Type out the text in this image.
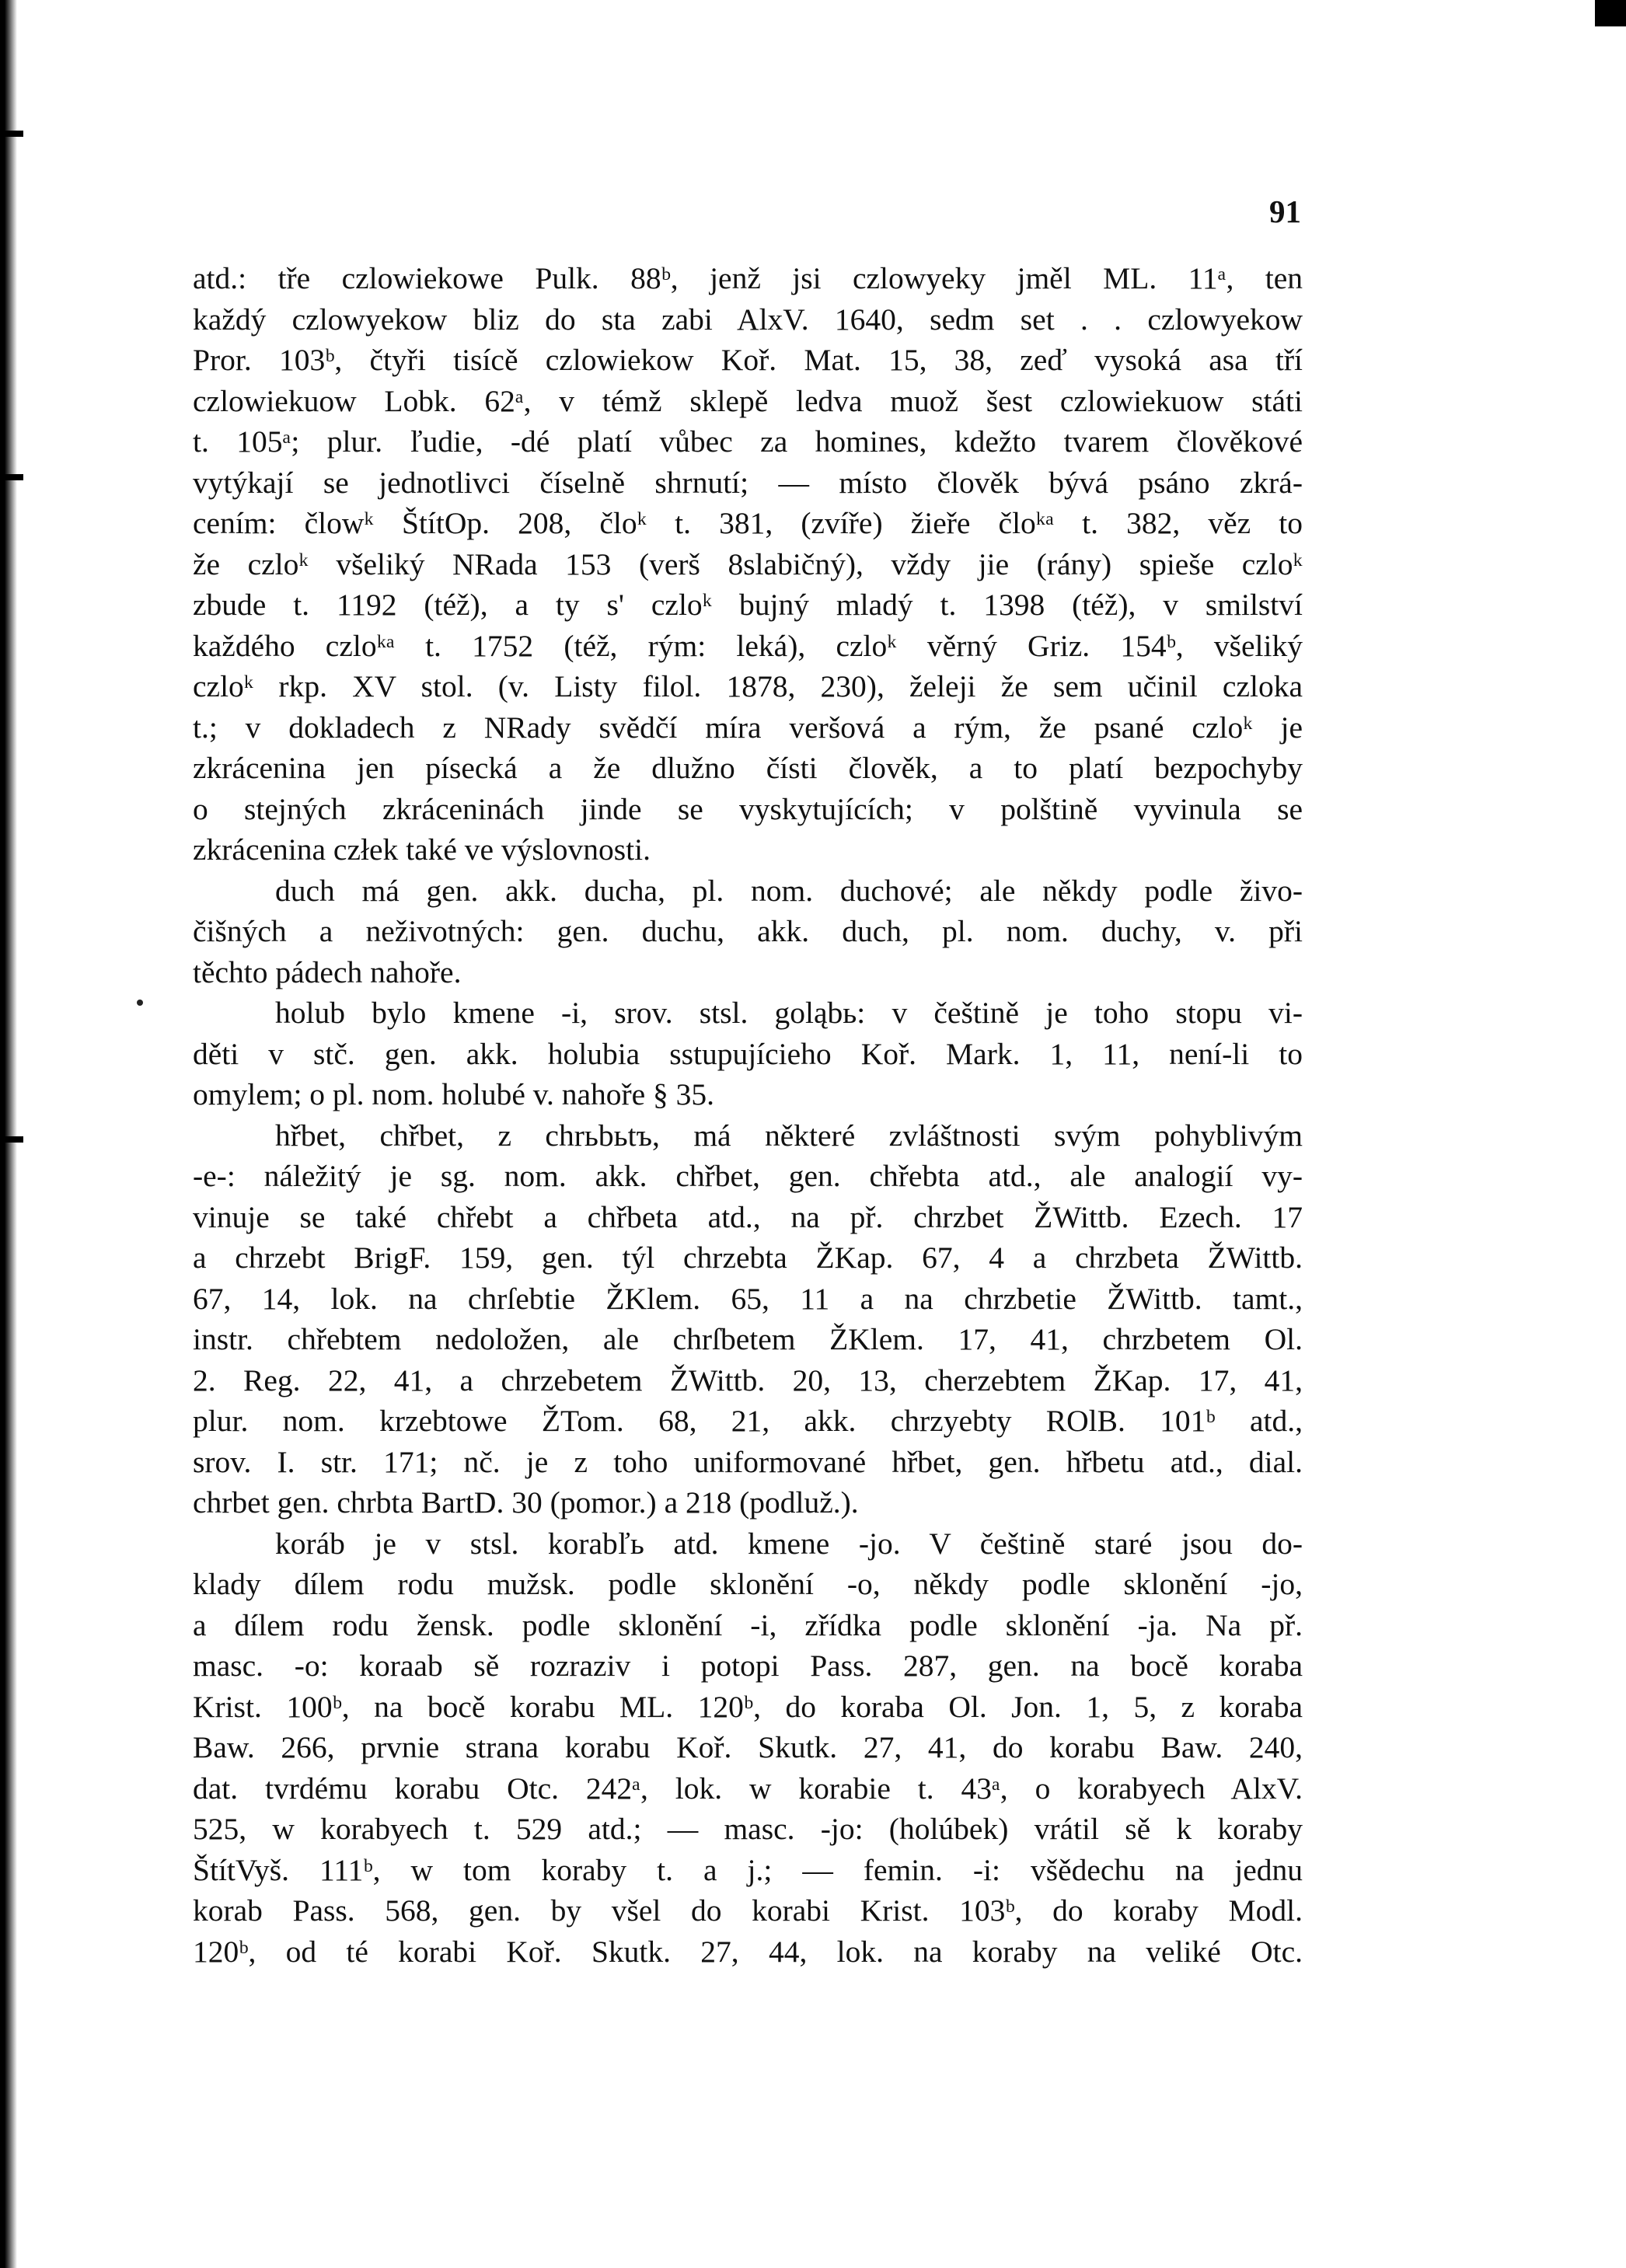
91
atd.: tře czlowiekowe Pulk. 88ᵇ, jenž jsi czlowyeky jměl ML. 11ᵃ, ten
každý czlowyekow bliz do sta zabi AlxV. 1640, sedm set . . czlowyekow
Pror. 103ᵇ, čtyři tisícě czlowiekow Koř. Mat. 15, 38, zeď vysoká asa tří
czlowiekuow Lobk. 62ᵃ, v témž sklepě ledva muož šest czlowiekuow státi
t. 105ᵃ; plur. ľudie, -dé platí vůbec za homines, kdežto tvarem člověkové
vytýkají se jednotlivci číselně shrnutí; — místo člověk bývá psáno zkrá-
cením: člowᵏ ŠtítOp. 208, čloᵏ t. 381, (zvíře) žieře čloᵏᵃ t. 382, věz to
že czloᵏ všeliký NRada 153 (verš 8slabičný), vždy jie (rány) spieše czloᵏ
zbude t. 1192 (též), a ty s' czloᵏ bujný mladý t. 1398 (též), v smilství
každého czloᵏᵃ t. 1752 (též, rým: leká), czloᵏ věrný Griz. 154ᵇ, všeliký
czloᵏ rkp. XV stol. (v. Listy filol. 1878, 230), želeji že sem učinil czloka
t.; v dokladech z NRady svědčí míra veršová a rým, že psané czloᵏ je
zkrácenina jen písecká a že dlužno čísti člověk, a to platí bezpochyby
o stejných zkráceninách jinde se vyskytujících; v polštině vyvinula se
zkrácenina człek také ve výslovnosti.
duch má gen. akk. ducha, pl. nom. duchové; ale někdy podle živo-
čišných a neživotných: gen. duchu, akk. duch, pl. nom. duchy, v. při
těchto pádech nahoře.
holub bylo kmene -i, srov. stsl. goląbь: v češtině je toho stopu vi-
děti v stč. gen. akk. holubia sstupujícieho Koř. Mark. 1, 11, není-li to
omylem; o pl. nom. holubé v. nahoře § 35.
hřbet, chřbet, z chrьbьtъ, má některé zvláštnosti svým pohyblivým
-e-: náležitý je sg. nom. akk. chřbet, gen. chřebta atd., ale analogií vy-
vinuje se také chřebt a chřbeta atd., na př. chrzbet ŽWittb. Ezech. 17
a chrzebt BrigF. 159, gen. týl chrzebta ŽKap. 67, 4 a chrzbeta ŽWittb.
67, 14, lok. na chrſebtie ŽKlem. 65, 11 a na chrzbetie ŽWittb. tamt.,
instr. chřebtem nedoložen, ale chrſbetem ŽKlem. 17, 41, chrzbetem Ol.
2. Reg. 22, 41, a chrzebetem ŽWittb. 20, 13, cherzebtem ŽKap. 17, 41,
plur. nom. krzebtowe ŽTom. 68, 21, akk. chrzyebty ROlB. 101ᵇ atd.,
srov. I. str. 171; nč. je z toho uniformované hřbet, gen. hřbetu atd., dial.
chrbet gen. chrbta BartD. 30 (pomor.) a 218 (podluž.).
koráb je v stsl. korabľь atd. kmene -jo. V češtině staré jsou do-
klady dílem rodu mužsk. podle sklonění -o, někdy podle sklonění -jo,
a dílem rodu žensk. podle sklonění -i, zřídka podle sklonění -ja. Na př.
masc. -o: koraab sě rozraziv i potopi Pass. 287, gen. na bocě koraba
Krist. 100ᵇ, na bocě korabu ML. 120ᵇ, do koraba Ol. Jon. 1, 5, z koraba
Baw. 266, prvnie strana korabu Koř. Skutk. 27, 41, do korabu Baw. 240,
dat. tvrdému korabu Otc. 242ᵃ, lok. w korabie t. 43ᵃ, o korabyech AlxV.
525, w korabyech t. 529 atd.; — masc. -jo: (holúbek) vrátil sě k koraby
ŠtítVyš. 111ᵇ, w tom koraby t. a j.; — femin. -i: všědechu na jednu
korab Pass. 568, gen. by všel do korabi Krist. 103ᵇ, do koraby Modl.
120ᵇ, od té korabi Koř. Skutk. 27, 44, lok. na koraby na veliké Otc.
